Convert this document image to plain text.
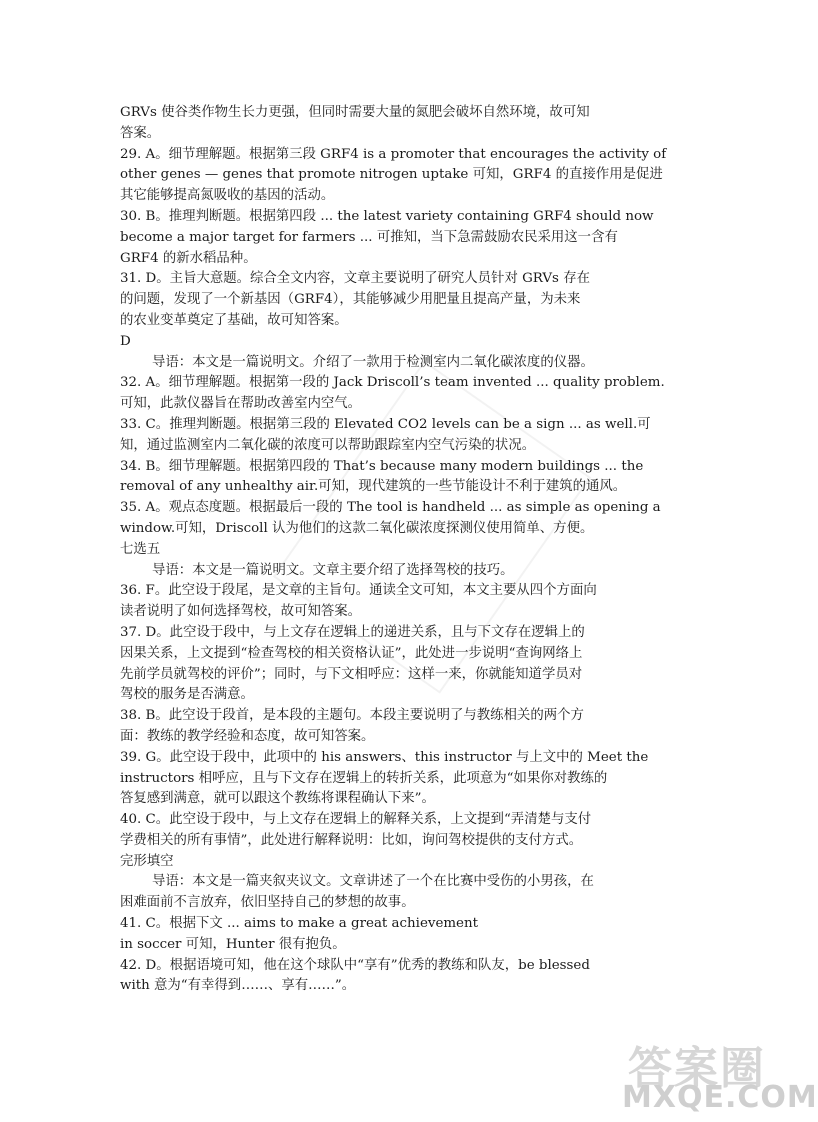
GRVs 使谷类作物生长力更强，但同时需要大量的氮肥会破坏自然环境，故可知
答案。
29. A。细节理解题。根据第三段 GRF4 is a promoter that encourages the activity of
other genes — genes that promote nitrogen uptake 可知，GRF4 的直接作用是促进
其它能够提高氮吸收的基因的活动。
30. B。推理判断题。根据第四段 ... the latest variety containing GRF4 should now
become a major target for farmers ... 可推知，当下急需鼓励农民采用这一含有
GRF4 的新水稻品种。
31. D。主旨大意题。综合全文内容，文章主要说明了研究人员针对 GRVs 存在
的问题，发现了一个新基因（GRF4），其能够减少用肥量且提高产量，为未来
的农业变革奠定了基础，故可知答案。
D
导语：本文是一篇说明文。介绍了一款用于检测室内二氧化碳浓度的仪器。
32. A。细节理解题。根据第一段的 Jack Driscoll’s team invented ... quality problem.
可知，此款仪器旨在帮助改善室内空气。
33. C。推理判断题。根据第三段的 Elevated CO2 levels can be a sign ... as well.可
知，通过监测室内二氧化碳的浓度可以帮助跟踪室内空气污染的状况。
34. B。细节理解题。根据第四段的 That’s because many modern buildings ... the
removal of any unhealthy air.可知，现代建筑的一些节能设计不利于建筑的通风。
35. A。观点态度题。根据最后一段的 The tool is handheld ... as simple as opening a
window.可知，Driscoll 认为他们的这款二氧化碳浓度探测仪使用简单、方便。
七选五
导语：本文是一篇说明文。文章主要介绍了选择驾校的技巧。
36. F。此空设于段尾，是文章的主旨句。通读全文可知，本文主要从四个方面向
读者说明了如何选择驾校，故可知答案。
37. D。此空设于段中，与上文存在逻辑上的递进关系，且与下文存在逻辑上的
因果关系，上文提到“检查驾校的相关资格认证”，此处进一步说明“查询网络上
先前学员就驾校的评价”；同时，与下文相呼应：这样一来，你就能知道学员对
驾校的服务是否满意。
38. B。此空设于段首，是本段的主题句。本段主要说明了与教练相关的两个方
面：教练的教学经验和态度，故可知答案。
39. G。此空设于段中，此项中的 his answers、this instructor 与上文中的 Meet the
instructors 相呼应，且与下文存在逻辑上的转折关系，此项意为“如果你对教练的
答复感到满意，就可以跟这个教练将课程确认下来”。
40. C。此空设于段中，与上文存在逻辑上的解释关系，上文提到“弄清楚与支付
学费相关的所有事情”，此处进行解释说明：比如，询问驾校提供的支付方式。
完形填空
导语：本文是一篇夹叙夹议文。文章讲述了一个在比赛中受伤的小男孩，在
困难面前不言放弃，依旧坚持自己的梦想的故事。
41. C。根据下文 ... aims to make a great achievement
in soccer 可知，Hunter 很有抱负。
42. D。根据语境可知，他在这个球队中“享有”优秀的教练和队友，be blessed
with 意为“有幸得到……、享有……”。
答案圈
MXQE.COM
